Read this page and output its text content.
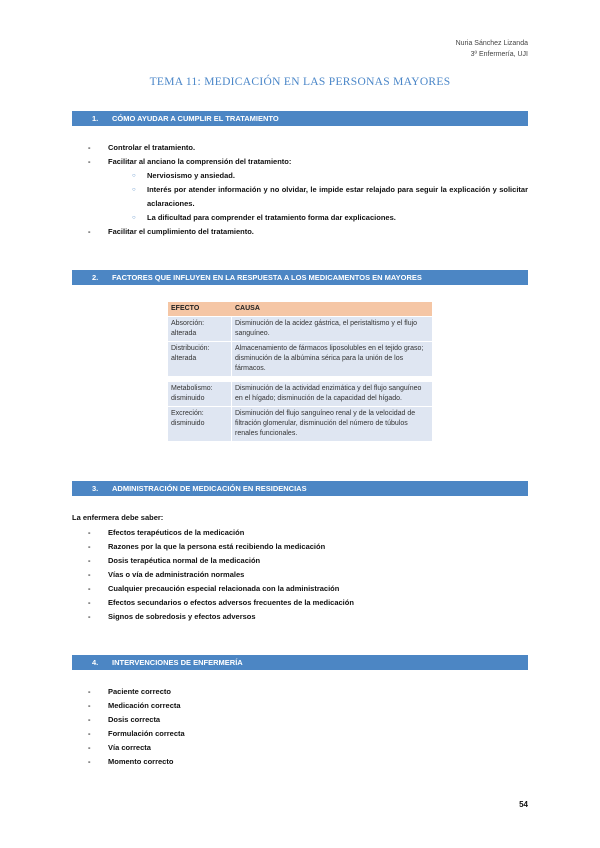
Nuria Sánchez Lizanda
3º Enfermería, UJI
TEMA 11: MEDICACIÓN EN LAS PERSONAS MAYORES
1. CÓMO AYUDAR A CUMPLIR EL TRATAMIENTO
- Controlar el tratamiento.
- Facilitar al anciano la comprensión del tratamiento:
○ Nerviosismo y ansiedad.
○ Interés por atender información y no olvidar, le impide estar relajado para seguir la explicación y solicitar aclaraciones.
○ La dificultad para comprender el tratamiento forma dar explicaciones.
- Facilitar el cumplimiento del tratamiento.
2. FACTORES QUE INFLUYEN EN LA RESPUESTA A LOS MEDICAMENTOS EN MAYORES
EFECTO	CAUSA
Absorción: alterada
Disminución de la acidez gástrica, el peristaltismo y el flujo sanguíneo.
Distribución: alterada
Almacenamiento de fármacos liposolubles en el tejido graso; disminución de la albúmina sérica para la unión de los fármacos.
Metabolismo: disminuido
Disminución de la actividad enzimática y del flujo sanguíneo en el hígado; disminución de la capacidad del hígado.
Excreción: disminuido
Disminución del flujo sanguíneo renal y de la velocidad de filtración glomerular, disminución del número de túbulos renales funcionales.
3. ADMINISTRACIÓN DE MEDICACIÓN EN RESIDENCIAS
La enfermera debe saber:
- Efectos terapéuticos de la medicación
- Razones por la que la persona está recibiendo la medicación
- Dosis terapéutica normal de la medicación
- Vías o vía de administración normales
- Cualquier precaución especial relacionada con la administración
- Efectos secundarios o efectos adversos frecuentes de la medicación
- Signos de sobredosis y efectos adversos
4. INTERVENCIONES DE ENFERMERÍA
- Paciente correcto
- Medicación correcta
- Dosis correcta
- Formulación correcta
- Vía correcta
- Momento correcto
54
